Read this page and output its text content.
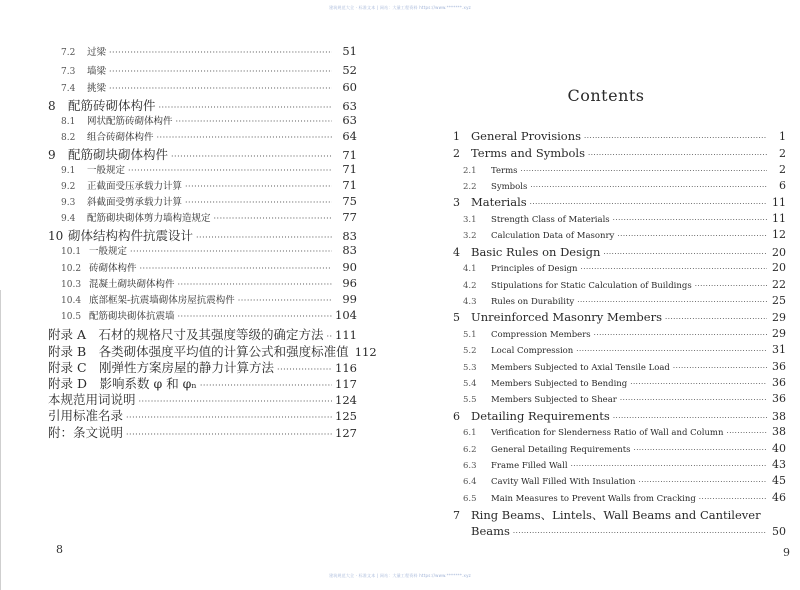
建筑规范大全 · 标准文本 | 网站：大量工程资料 https://www.*******.xyz
建筑规范大全 · 标准文本 | 网站：大量工程资料 https://www.*******.xyz
7.2	过梁 ·····	51
7.3	墙梁 ·····	52
7.4	挑梁 ·····	60
8 配筋砖砌体构件 ·····	63
8.1	网状配筋砖砌体构件 ·····	63
8.2	组合砖砌体构件 ·····	64
9 配筋砌块砌体构件 ·····	71
9.1	一般规定 ·····	71
9.2	正截面受压承载力计算 ·····	71
9.3	斜截面受剪承载力计算 ·····	75
9.4	配筋砌块砌体剪力墙构造规定 ·····	77
10 砌体结构构件抗震设计 ·····	83
10.1 一般规定 ·····	83
10.2 砖砌体构件 ·····	90
10.3 混凝土砌块砌体构件 ·····	96
10.4 底部框架-抗震墙砌体房屋抗震构件 ·····	99
10.5 配筋砌块砌体抗震墙 ·····	104
附录 A　石材的规格尺寸及其强度等级的确定方法 ····· 111
附录 B　各类砌体强度平均值的计算公式和强度标准值 112
附录 C　刚弹性方案房屋的静力计算方法 ·····	116
附录 D　影响系数 φ 和 φₙ ·····	117
本规范用词说明 ·····	124
引用标准名录 ·····	125
附：条文说明 ·····	127
8
Contents
1 General Provisions ·····	1
2 Terms and Symbols ·····	2
2.1	Terms ·····	2
2.2	Symbols ·····	6
3 Materials ·····	11
3.1	Strength Class of Materials ·····	11
3.2	Calculation Data of Masonry ·····	12
4 Basic Rules on Design ·····	20
4.1	Principles of Design ·····	20
4.2	Stipulations for Static Calculation of Buildings ·····	22
4.3	Rules on Durability ·····	25
5 Unreinforced Masonry Members ·····	29
5.1	Compression Members ·····	29
5.2	Local Compression ·····	31
5.3	Members Subjected to Axial Tensile Load ·····	36
5.4	Members Subjected to Bending ·····	36
5.5	Members Subjected to Shear ·····	36
6 Detailing Requirements ·····	38
6.1	Verification for Slenderness Ratio of Wall and Column ·····	38
6.2	General Detailing Requirements ·····	40
6.3	Frame Filled Wall ·····	43
6.4	Cavity Wall Filled With Insulation ·····	45
6.5	Main Measures to Prevent Walls from Cracking ·····	46
7 Ring Beams、Lintels、Wall Beams and Cantilever
Beams ·····	50
9
